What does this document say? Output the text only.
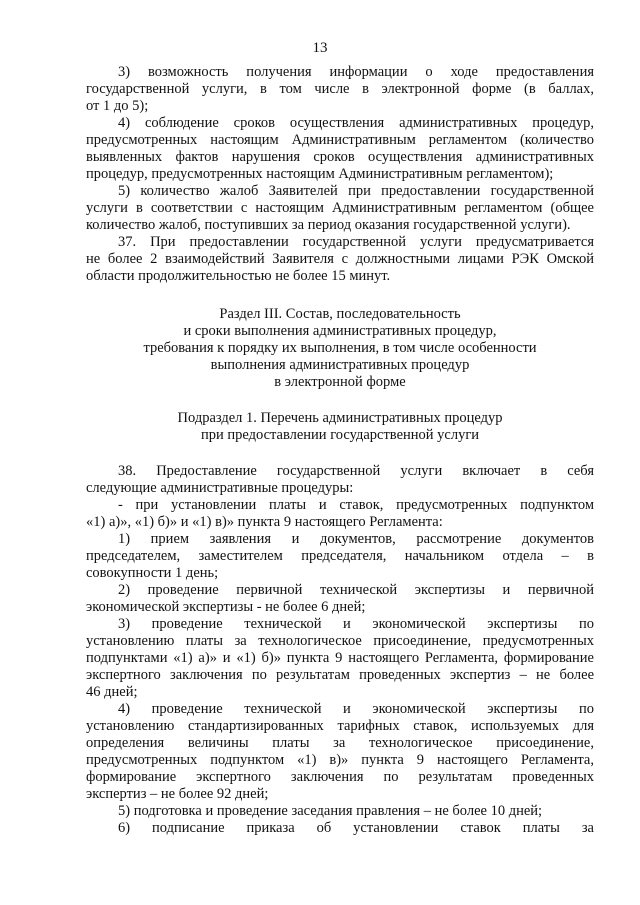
13
3) возможность получения информации о ходе предоставления
государственной услуги, в том числе в электронной форме (в баллах,
от 1 до 5);
4) соблюдение сроков осуществления административных процедур,
предусмотренных настоящим Административным регламентом (количество
выявленных фактов нарушения сроков осуществления административных
процедур, предусмотренных настоящим Административным регламентом);
5) количество жалоб Заявителей при предоставлении государственной
услуги в соответствии с настоящим Административным регламентом (общее
количество жалоб, поступивших за период оказания государственной услуги).
37. При предоставлении государственной услуги предусматривается
не более 2 взаимодействий Заявителя с должностными лицами РЭК Омской
области продолжительностью не более 15 минут.
Раздел III. Состав, последовательность
и сроки выполнения административных процедур,
требования к порядку их выполнения, в том числе особенности
выполнения административных процедур
в электронной форме
Подраздел 1. Перечень административных процедур
при предоставлении государственной услуги
38. Предоставление государственной услуги включает в себя
следующие административные процедуры:
- при установлении платы и ставок, предусмотренных подпунктом
«1) а)», «1) б)» и «1) в)» пункта 9 настоящего Регламента:
1) прием заявления и документов, рассмотрение документов
председателем, заместителем председателя, начальником отдела – в
совокупности 1 день;
2) проведение первичной технической экспертизы и первичной
экономической экспертизы - не более 6 дней;
3) проведение технической и экономической экспертизы по
установлению платы за технологическое присоединение, предусмотренных
подпунктами «1) а)» и «1) б)» пункта 9 настоящего Регламента, формирование
экспертного заключения по результатам проведенных экспертиз – не более
46 дней;
4) проведение технической и экономической экспертизы по
установлению стандартизированных тарифных ставок, используемых для
определения величины платы за технологическое присоединение,
предусмотренных подпунктом «1) в)» пункта 9 настоящего Регламента,
формирование экспертного заключения по результатам проведенных
экспертиз – не более 92 дней;
5) подготовка и проведение заседания правления – не более 10 дней;
6) подписание приказа об установлении ставок платы за
